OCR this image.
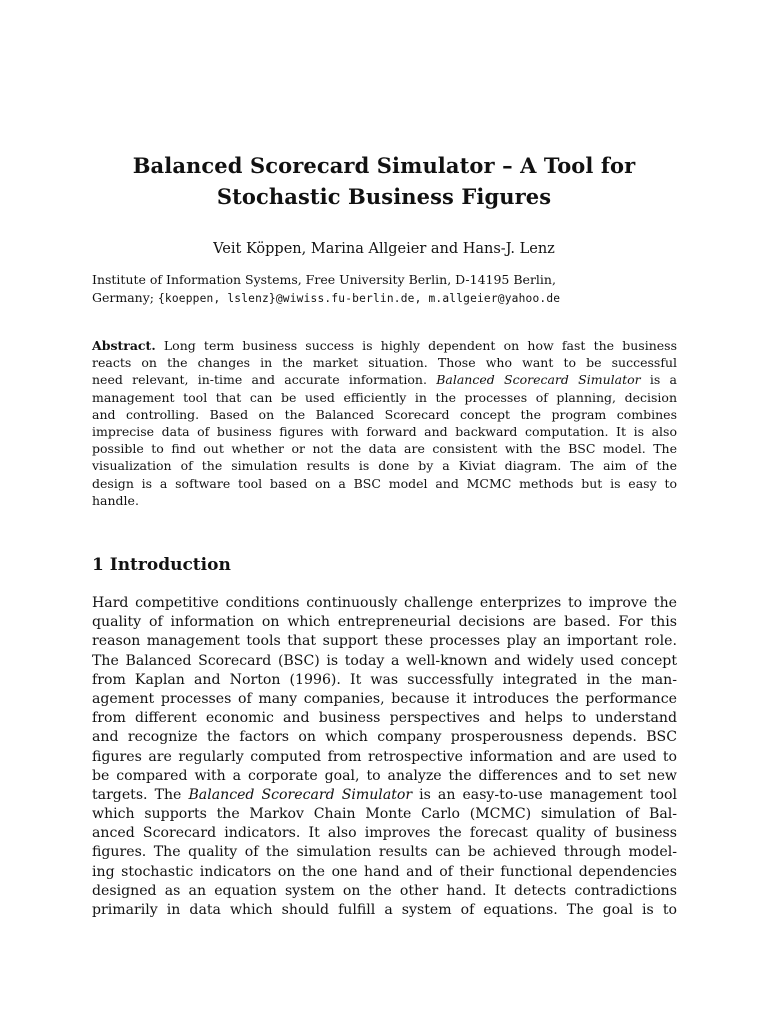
Balanced Scorecard Simulator – A Tool for
Stochastic Business Figures
Veit Köppen, Marina Allgeier and Hans-J. Lenz
Institute of Information Systems, Free University Berlin, D-14195 Berlin,
Germany; {koeppen, lslenz}@wiwiss.fu-berlin.de, m.allgeier@yahoo.de
Abstract. Long term business success is highly dependent on how fast the business
reacts on the changes in the market situation. Those who want to be successful
need relevant, in-time and accurate information. Balanced Scorecard Simulator is a
management tool that can be used efficiently in the processes of planning, decision
and controlling. Based on the Balanced Scorecard concept the program combines
imprecise data of business figures with forward and backward computation. It is also
possible to find out whether or not the data are consistent with the BSC model. The
visualization of the simulation results is done by a Kiviat diagram. The aim of the
design is a software tool based on a BSC model and MCMC methods but is easy to
handle.
1 Introduction
Hard competitive conditions continuously challenge enterprizes to improve the
quality of information on which entrepreneurial decisions are based. For this
reason management tools that support these processes play an important role.
The Balanced Scorecard (BSC) is today a well-known and widely used concept
from Kaplan and Norton (1996). It was successfully integrated in the man-
agement processes of many companies, because it introduces the performance
from different economic and business perspectives and helps to understand
and recognize the factors on which company prosperousness depends. BSC
figures are regularly computed from retrospective information and are used to
be compared with a corporate goal, to analyze the differences and to set new
targets. The Balanced Scorecard Simulator is an easy-to-use management tool
which supports the Markov Chain Monte Carlo (MCMC) simulation of Bal-
anced Scorecard indicators. It also improves the forecast quality of business
figures. The quality of the simulation results can be achieved through model-
ing stochastic indicators on the one hand and of their functional dependencies
designed as an equation system on the other hand. It detects contradictions
primarily in data which should fulfill a system of equations. The goal is to
